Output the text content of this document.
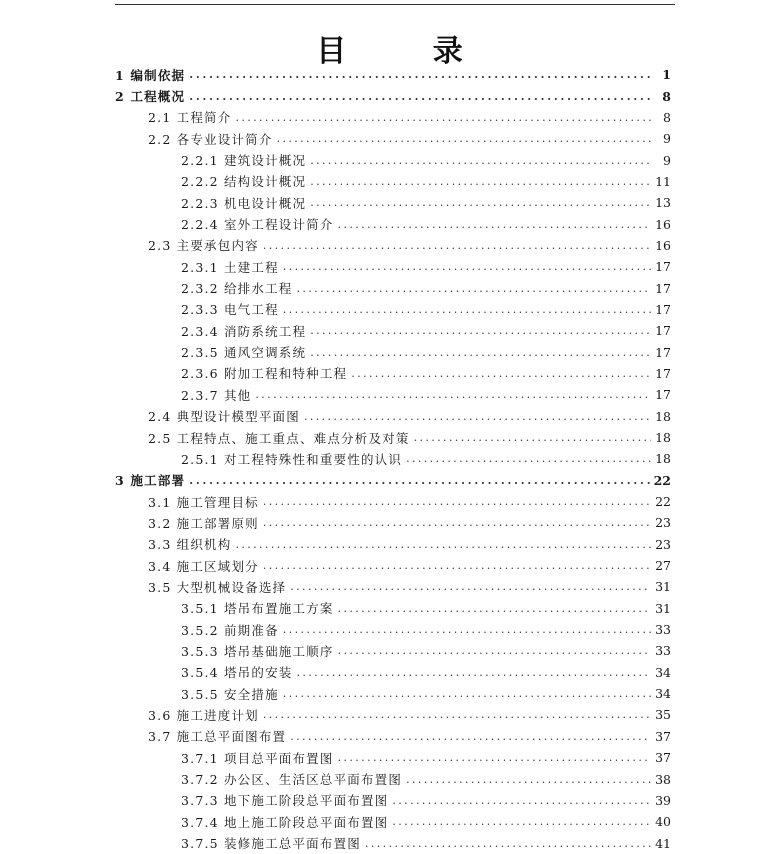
目 录
1 编制依据 .....	1
2 工程概况 .....	8
2.1 工程简介 .....	8
2.2 各专业设计简介 .....	9
2.2.1 建筑设计概况 .....	9
2.2.2 结构设计概况 .....	11
2.2.3 机电设计概况 .....	13
2.2.4 室外工程设计简介 .....	16
2.3 主要承包内容 .....	16
2.3.1 土建工程 .....	17
2.3.2 给排水工程 .....	17
2.3.3 电气工程 .....	17
2.3.4 消防系统工程 .....	17
2.3.5 通风空调系统 .....	17
2.3.6 附加工程和特种工程 .....	17
2.3.7 其他 .....	17
2.4 典型设计模型平面图 .....	18
2.5 工程特点、施工重点、难点分析及对策 .....	18
2.5.1 对工程特殊性和重要性的认识 .....	18
3 施工部署 .....	22
3.1 施工管理目标 .....	22
3.2 施工部署原则 .....	23
3.3 组织机构 .....	23
3.4 施工区域划分 .....	27
3.5 大型机械设备选择 .....	31
3.5.1 塔吊布置施工方案 .....	31
3.5.2 前期准备 .....	33
3.5.3 塔吊基础施工顺序 .....	33
3.5.4 塔吊的安装 .....	34
3.5.5 安全措施 .....	34
3.6 施工进度计划 .....	35
3.7 施工总平面图布置 .....	37
3.7.1 项目总平面布置图 .....	37
3.7.2 办公区、生活区总平面布置图 .....	38
3.7.3 地下施工阶段总平面布置图 .....	39
3.7.4 地上施工阶段总平面布置图 .....	40
3.7.5 装修施工总平面布置图 .....	41
